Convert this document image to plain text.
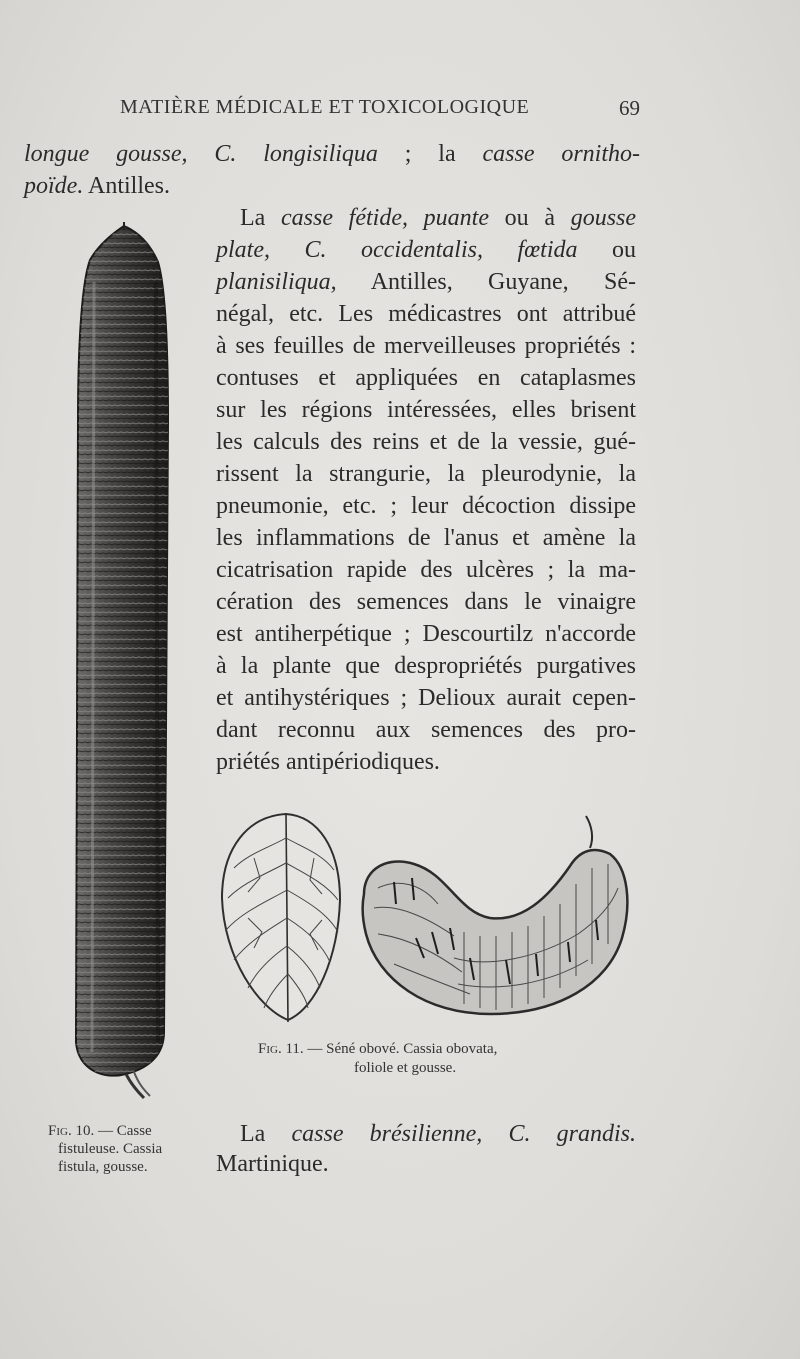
MATIÈRE MÉDICALE ET TOXICOLOGIQUE	69
longue gousse, C. longisiliqua ; la casse ornitho-
poïde. Antilles.
La casse fétide, puante ou à gousse
plate, C. occidentalis, fœtida ou
planisiliqua, Antilles, Guyane, Sé-
négal, etc. Les médicastres ont attribué
à ses feuilles de merveilleuses propriétés :
contuses et appliquées en cataplasmes
sur les régions intéressées, elles brisent
les calculs des reins et de la vessie, gué-
rissent la strangurie, la pleurodynie, la
pneumonie, etc. ; leur décoction dissipe
les inflammations de l'anus et amène la
cicatrisation rapide des ulcères ; la ma-
cération des semences dans le vinaigre
est antiherpétique ; Descourtilz n'accorde
à la plante que despropriétés purgatives
et antihystériques ; Delioux aurait cepen-
dant reconnu aux semences des pro-
priétés antipériodiques.
Fig. 11. — Séné obové. Cassia obovata,
foliole et gousse.
Fig. 10. — Casse
fistuleuse. Cassia
fistula, gousse.
La casse brésilienne, C. grandis.
Martinique.
